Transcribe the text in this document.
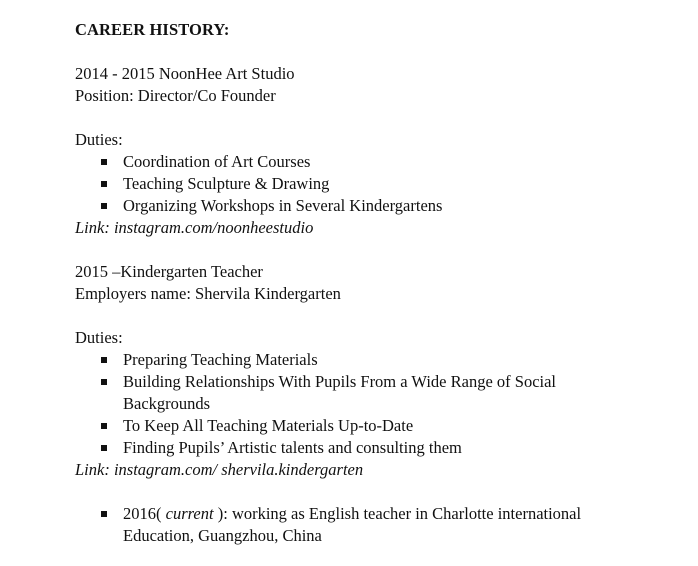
CAREER HISTORY:

2014 - 2015 NoonHee Art Studio

Position: Director/Co Founder

Duties:

Coordination of Art Courses
Teaching Sculpture & Drawing
Organizing Workshops in Several Kindergartens

Link: instagram.com/noonheestudio

2015 –Kindergarten Teacher

Employers name: Shervila Kindergarten

Duties:

Preparing Teaching Materials
Building Relationships With Pupils From a Wide Range of Social Backgrounds
To Keep All Teaching Materials Up-to-Date
Finding Pupils’ Artistic talents and consulting them

Link: instagram.com/ shervila.kindergarten

2016( current ): working as English teacher in Charlotte international Education, Guangzhou, China
